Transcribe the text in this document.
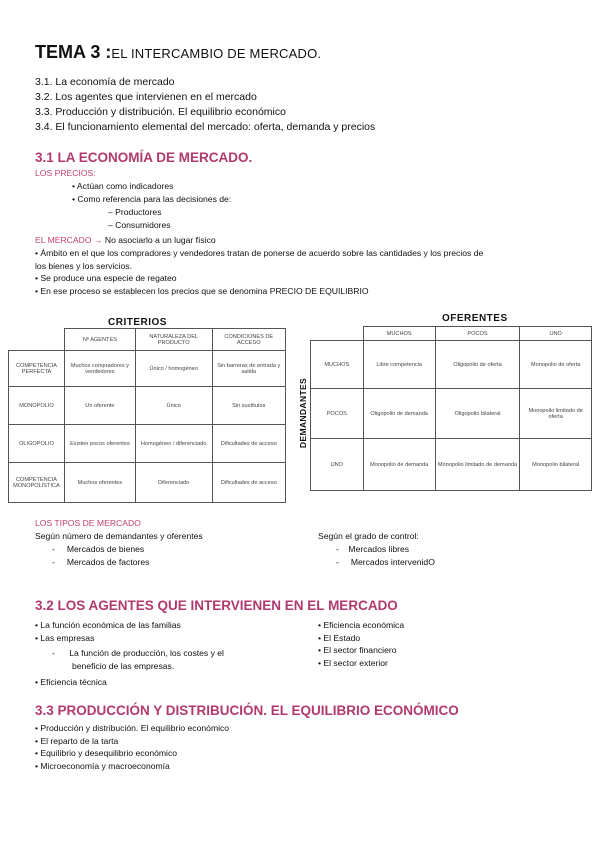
TEMA 3 :EL INTERCAMBIO DE MERCADO.
3.1. La economía de mercado
3.2. Los agentes que intervienen en el mercado
3.3. Producción y distribución. El equilibrio económico
3.4. El funcionamiento elemental del mercado: oferta, demanda y precios
3.1 LA ECONOMÍA DE MERCADO.
LOS PRECIOS:
• Actúan como indicadores
• Como referencia para las decisiones de:
– Productores
– Consumidores
EL MERCADO → No asociarlo a un lugar físico
• Ámbito en el que los compradores y vendedores tratan de ponerse de acuerdo sobre las cantidades y los precios de
los bienes y los servicios.
• Se produce una especie de regateo
• En ese proceso se establecen los precios que se denomina PRECIO DE EQUILIBRIO
CRITERIOS
	Nº AGENTES	NATURALEZA DEL PRODUCTO	CONDICIONES DE ACCESO
COMPETENCIA PERFECTA	Muchos compradores y vendedores	Único / homogéneo	Sin barreras de entrada y salida
MONOPOLIO	Un oferente	Único	Sin sustitutos
OLIGOPOLIO	Existen pocos oferentes	Homogéneo / diferenciado	Dificultades de acceso
COMPETENCIA MONOPOLÍSTICA	Muchos oferentes	Diferenciado	Dificultades de acceso
OFERENTES
DEMANDANTES
	MUCHOS	POCOS	UNO
MUCHOS	Libre competencia	Oligopolio de oferta	Monopolio de oferta
POCOS	Oligopolio de demanda	Oligopolio bilateral	Monopolio limitado de oferta
UNO	Monopolio de demanda	Monopolio limitado de demanda	Monopolio bilateral
LOS TIPOS DE MERCADO
Según número de demandantes y oferentes
-     Mercados de bienes
-     Mercados de factores
Según el grado de control:
-    Mercados libres
-     Mercados intervenidO
3.2 LOS AGENTES QUE INTERVIENEN EN EL MERCADO
• La función económica de las familias
• Las empresas
-      La función de producción, los costes y el
beneficio de las empresas.
• Eficiencia técnica
• Eficiencia económica
• El Estado
• El sector financiero
• El sector exterior
3.3 PRODUCCIÓN Y DISTRIBUCIÓN. EL EQUILIBRIO ECONÓMICO
• Producción y distribución. El equilibrio económico
• El reparto de la tarta
• Equilibrio y desequilibrio económico
• Microeconomía y macroeconomía
